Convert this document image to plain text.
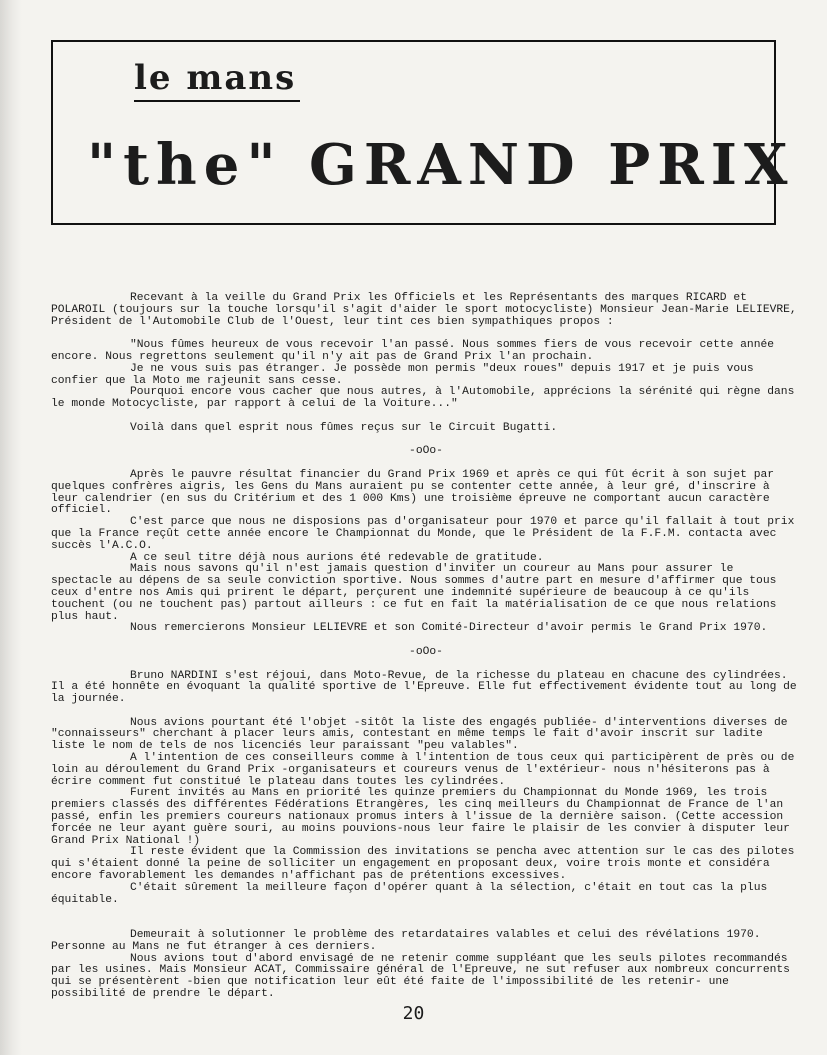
le mans
"the" GRAND PRIX

Recevant à la veille du Grand Prix les Officiels et les Représentants des marques RICARD et POLAROIL (toujours sur la touche lorsqu'il s'agit d'aider le sport motocycliste) Monsieur Jean-Marie LELIEVRE, Président de l'Automobile Club de l'Ouest, leur tint ces bien sympathiques propos :

"Nous fûmes heureux de vous recevoir l'an passé. Nous sommes fiers de vous recevoir cette année encore. Nous regrettons seulement qu'il n'y ait pas de Grand Prix l'an prochain.

Je ne vous suis pas étranger. Je possède mon permis "deux roues" depuis 1917 et je puis vous confier que la Moto me rajeunit sans cesse.

Pourquoi encore vous cacher que nous autres, à l'Automobile, apprécions la sérénité qui règne dans le monde Motocycliste, par rapport à celui de la Voiture..."

Voilà dans quel esprit nous fûmes reçus sur le Circuit Bugatti.

-oOo-

Après le pauvre résultat financier du Grand Prix 1969 et après ce qui fût écrit à son sujet par quelques confrères aigris, les Gens du Mans auraient pu se contenter cette année, à leur gré, d'inscrire à leur calendrier (en sus du Critérium et des 1 000 Kms) une troisième épreuve ne comportant aucun caractère officiel.

C'est parce que nous ne disposions pas d'organisateur pour 1970 et parce qu'il fallait à tout prix que la France reçût cette année encore le Championnat du Monde, que le Président de la F.F.M. contacta avec succès l'A.C.O.

A ce seul titre déjà nous aurions été redevable de gratitude.

Mais nous savons qu'il n'est jamais question d'inviter un coureur au Mans pour assurer le spectacle au dépens de sa seule conviction sportive. Nous sommes d'autre part en mesure d'affirmer que tous ceux d'entre nos Amis qui prirent le départ, perçurent une indemnité supérieure de beaucoup à ce qu'ils touchent (ou ne touchent pas) partout ailleurs : ce fut en fait la matérialisation de ce que nous relations plus haut.

Nous remercierons Monsieur LELIEVRE et son Comité-Directeur d'avoir permis le Grand Prix 1970.

-oOo-

Bruno NARDINI s'est réjoui, dans Moto-Revue, de la richesse du plateau en chacune des cylindrées. Il a été honnête en évoquant la qualité sportive de l'Epreuve. Elle fut effectivement évidente tout au long de la journée.

Nous avions pourtant été l'objet -sitôt la liste des engagés publiée- d'interventions diverses de "connaisseurs" cherchant à placer leurs amis, contestant en même temps le fait d'avoir inscrit sur ladite liste le nom de tels de nos licenciés leur paraissant "peu valables".

A l'intention de ces conseilleurs comme à l'intention de tous ceux qui participèrent de près ou de loin au déroulement du Grand Prix -organisateurs et coureurs venus de l'extérieur- nous n'hésiterons pas à écrire comment fut constitué le plateau dans toutes les cylindrées.

Furent invités au Mans en priorité les quinze premiers du Championnat du Monde 1969, les trois premiers classés des différentes Fédérations Etrangères, les cinq meilleurs du Championnat de France de l'an passé, enfin les premiers coureurs nationaux promus inters à l'issue de la dernière saison. (Cette accession forcée ne leur ayant guère souri, au moins pouvions-nous leur faire le plaisir de les convier à disputer leur Grand Prix National !)

Il reste évident que la Commission des invitations se pencha avec attention sur le cas des pilotes qui s'étaient donné la peine de solliciter un engagement en proposant deux, voire trois monte et considéra encore favorablement les demandes n'affichant pas de prétentions excessives.

C'était sûrement la meilleure façon d'opérer quant à la sélection, c'était en tout cas la plus équitable.

Demeurait à solutionner le problème des retardataires valables et celui des révélations 1970. Personne au Mans ne fut étranger à ces derniers.

Nous avions tout d'abord envisagé de ne retenir comme suppléant que les seuls pilotes recommandés par les usines. Mais Monsieur ACAT, Commissaire général de l'Epreuve, ne sut refuser aux nombreux concurrents qui se présentèrent -bien que notification leur eût été faite de l'impossibilité de les retenir- une possibilité de prendre le départ.

20
